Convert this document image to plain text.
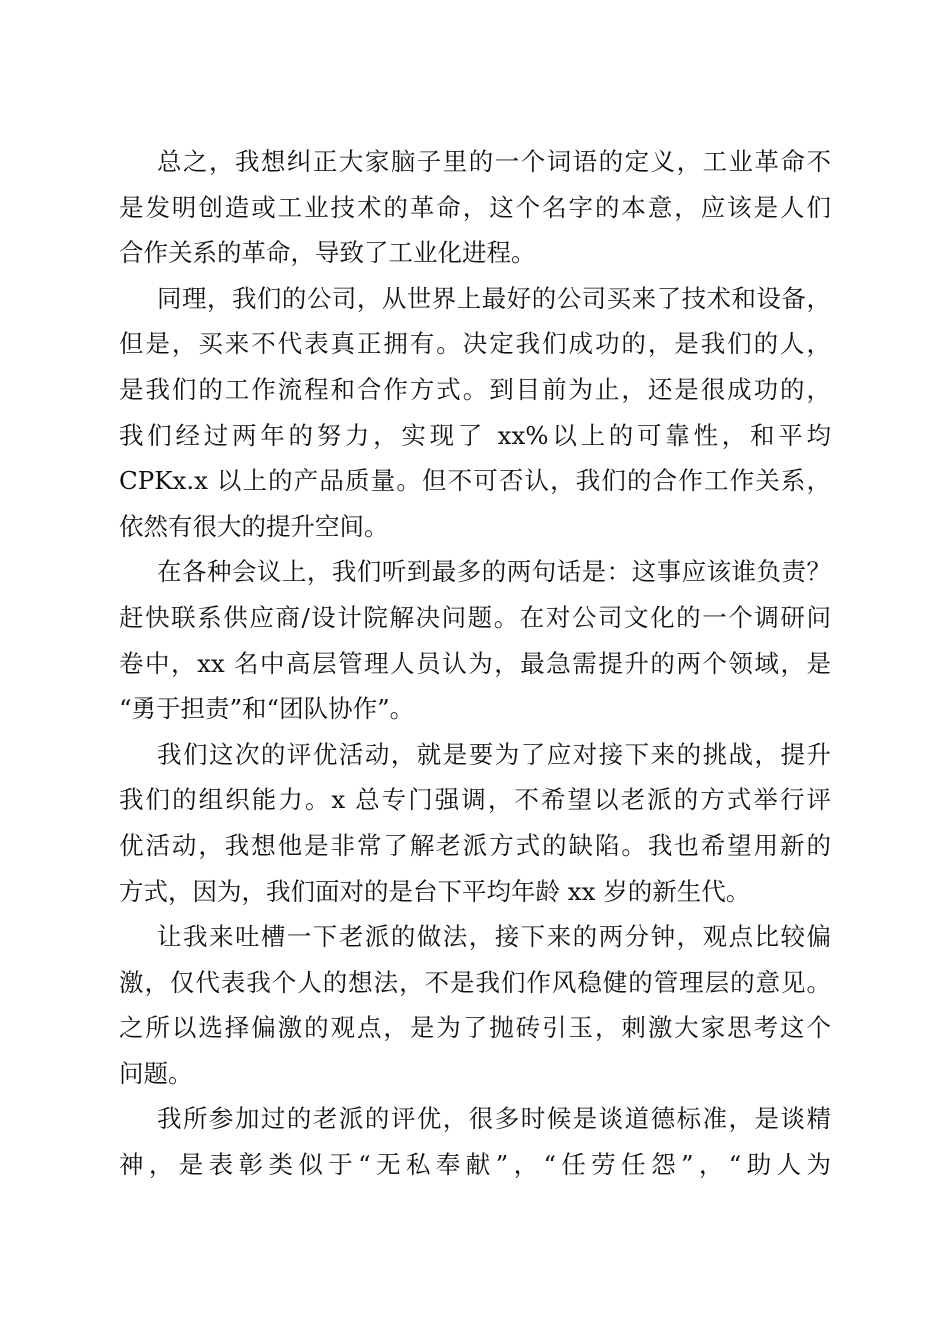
总之，我想纠正大家脑子里的一个词语的定义，工业革命不
是发明创造或工业技术的革命，这个名字的本意，应该是人们
合作关系的革命，导致了工业化进程。
同理，我们的公司，从世界上最好的公司买来了技术和设备，
但是，买来不代表真正拥有。决定我们成功的，是我们的人，
是我们的工作流程和合作方式。到目前为止，还是很成功的，
我们经过两年的努力，实现了 xx%以上的可靠性，和平均
CPKx.x 以上的产品质量。但不可否认，我们的合作工作关系，
依然有很大的提升空间。
在各种会议上，我们听到最多的两句话是：这事应该谁负责？
赶快联系供应商/设计院解决问题。在对公司文化的一个调研问
卷中，xx 名中高层管理人员认为，最急需提升的两个领域，是
“勇于担责”和“团队协作”。
我们这次的评优活动，就是要为了应对接下来的挑战，提升
我们的组织能力。x 总专门强调，不希望以老派的方式举行评
优活动，我想他是非常了解老派方式的缺陷。我也希望用新的
方式，因为，我们面对的是台下平均年龄 xx 岁的新生代。
让我来吐槽一下老派的做法，接下来的两分钟，观点比较偏
激，仅代表我个人的想法，不是我们作风稳健的管理层的意见。
之所以选择偏激的观点，是为了抛砖引玉，刺激大家思考这个
问题。
我所参加过的老派的评优，很多时候是谈道德标准，是谈精
神，是表彰类似于“无私奉献”，“任劳任怨”，“助人为
